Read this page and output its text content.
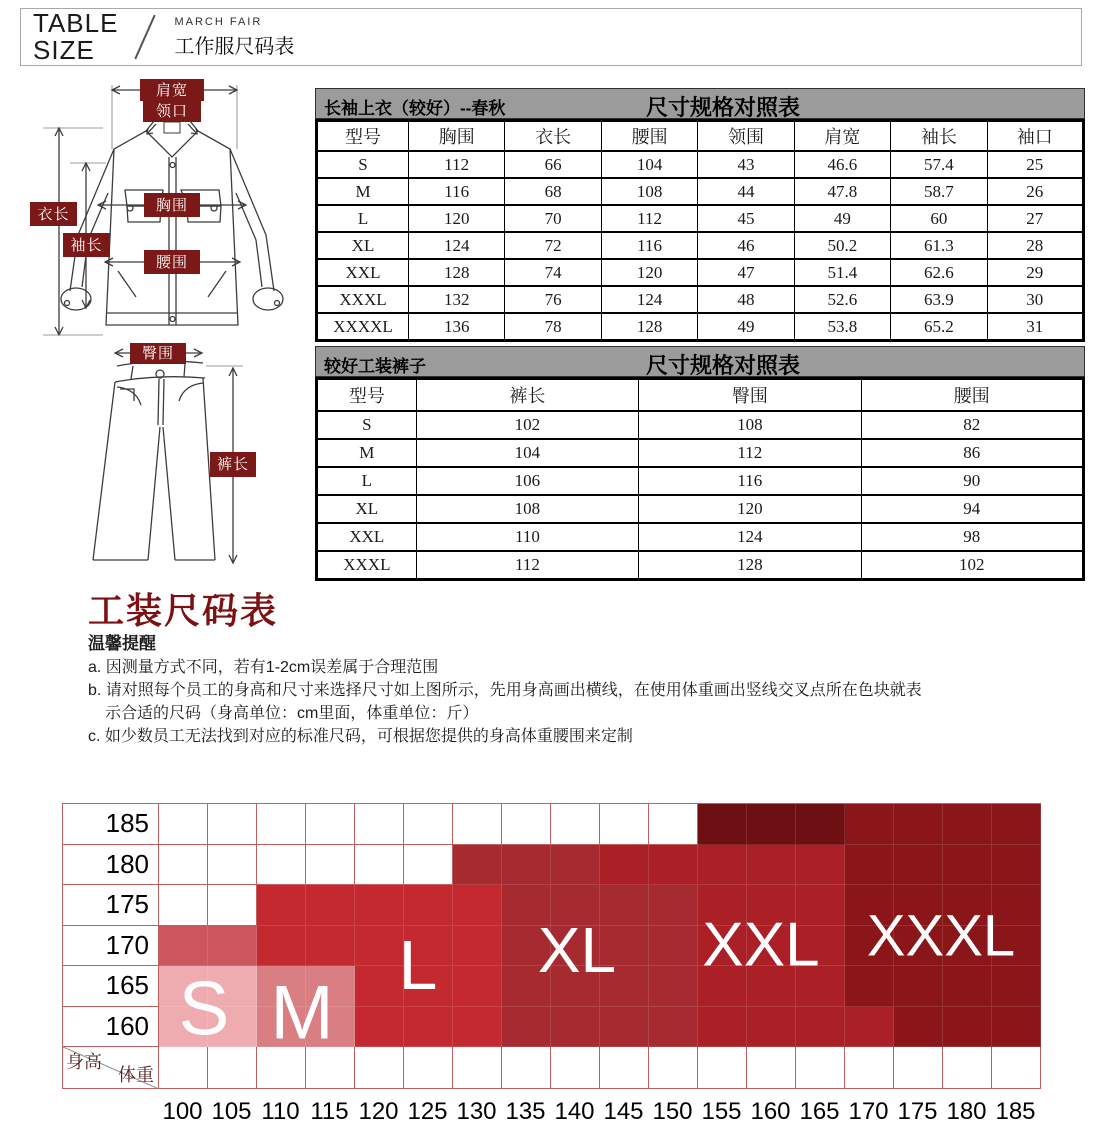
TABLE
SIZE
MARCH FAIR
工作服尺码表
肩宽
领口
衣长
袖长
胸围
腰围
臀围
裤长
长袖上衣（较好）--春秋	尺寸规格对照表
型号	胸围	衣长	腰围	领围	肩宽	袖长	袖口
S	112	66	104	43	46.6	57.4	25
M	116	68	108	44	47.8	58.7	26
L	120	70	112	45	49	60	27
XL	124	72	116	46	50.2	61.3	28
XXL	128	74	120	47	51.4	62.6	29
XXXL	132	76	124	48	52.6	63.9	30
XXXXL	136	78	128	49	53.8	65.2	31
较好工装裤子	尺寸规格对照表
型号	裤长	臀围	腰围
S	102	108	82
M	104	112	86
L	106	116	90
XL	108	120	94
XXL	110	124	98
XXXL	112	128	102
工装尺码表
温馨提醒
a. 因测量方式不同，若有1-2cm误差属于合理范围
b. 请对照每个员工的身高和尺寸来选择尺寸如上图所示，先用身高画出横线，在使用体重画出竖线交叉点所在色块就表
示合适的尺码（身高单位：cm里面，体重单位：斤）
c. 如少数员工无法找到对应的标准尺码，可根据您提供的身高体重腰围来定制
185
180
175
170
165
160
身高
体重
S M
L XL XXL XXXL
100 105 110 115 120 125 130 135 140 145 150 155 160 165 170 175 180 185
